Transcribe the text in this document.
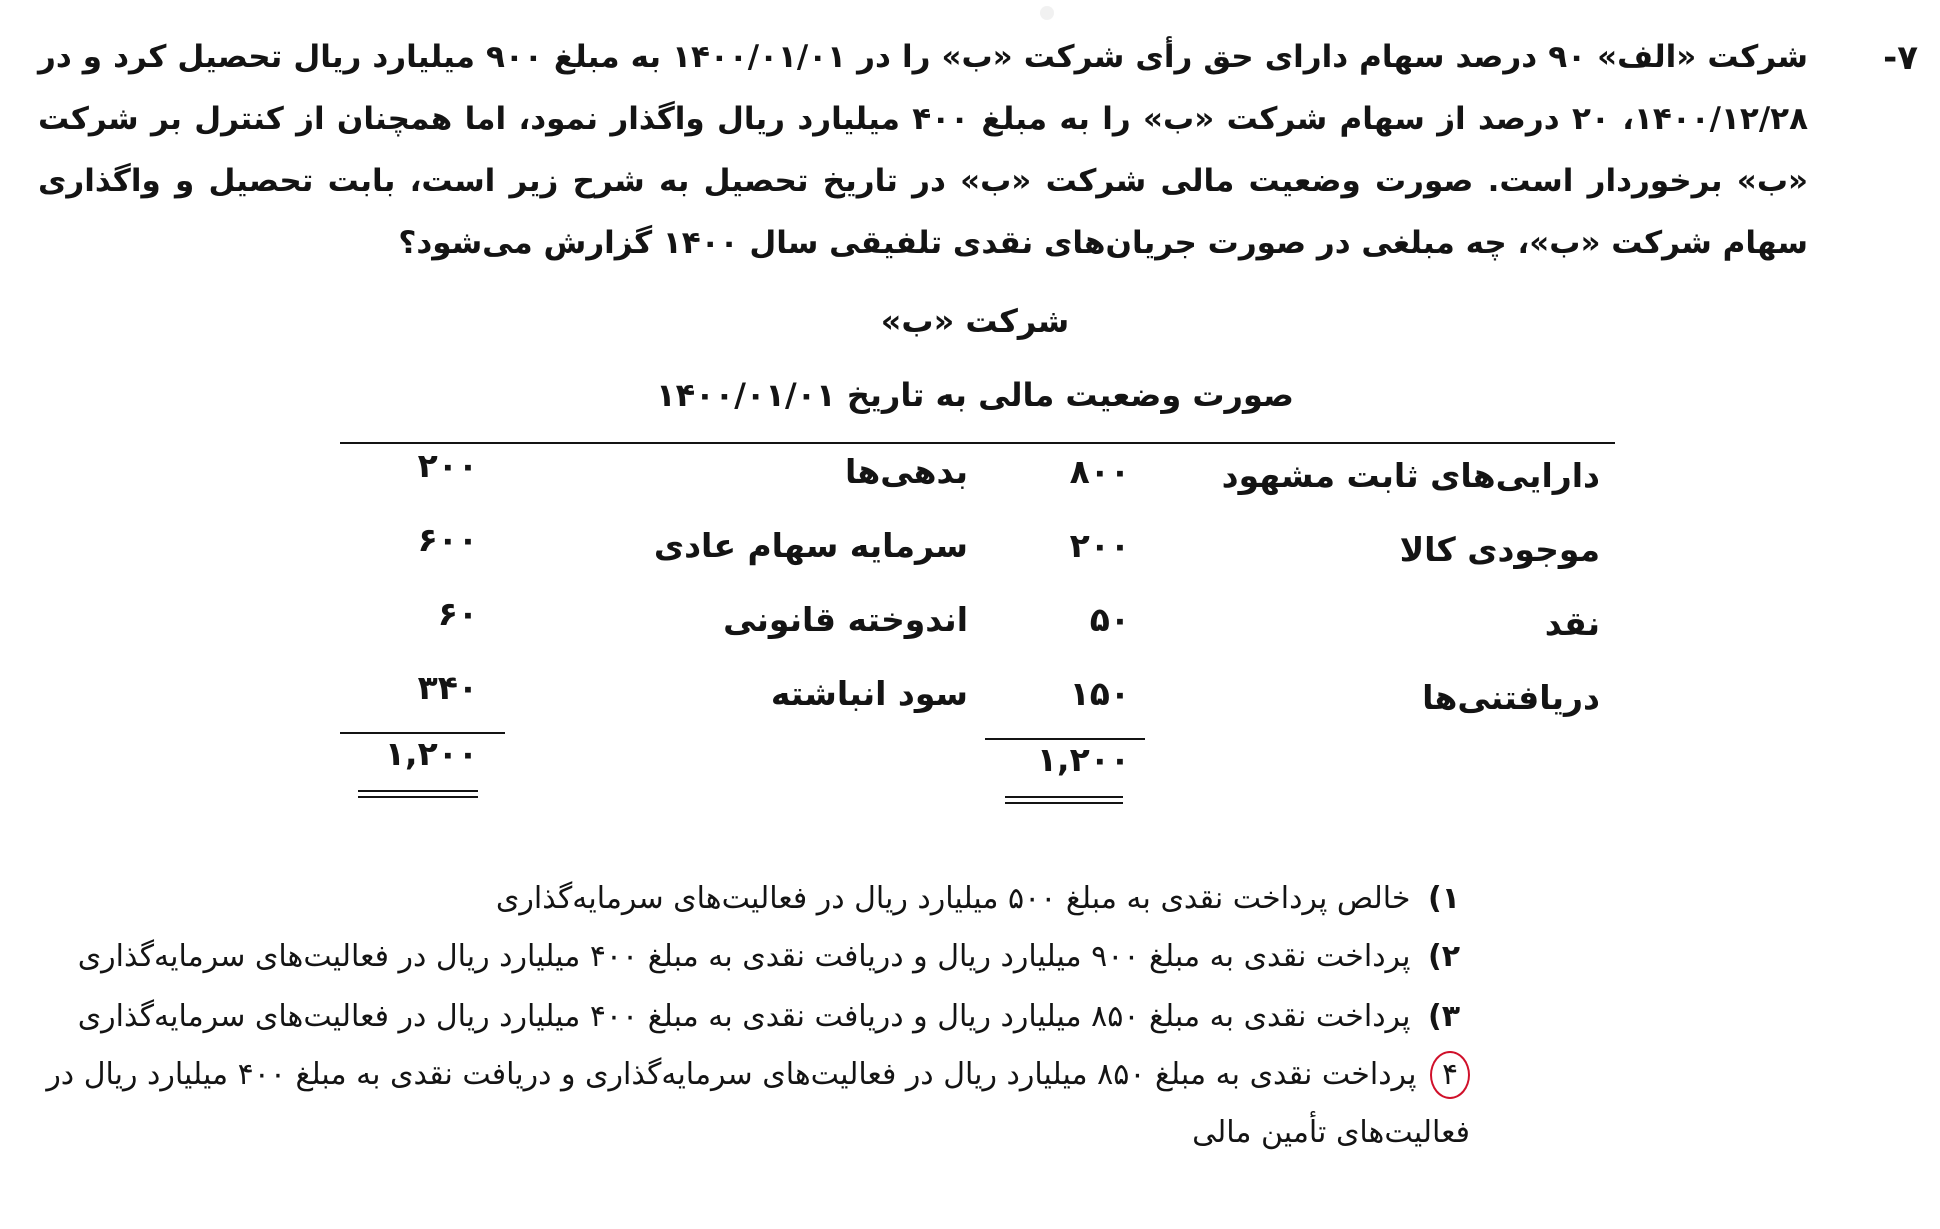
۷-
شرکت «الف» ۹۰ درصد سهام دارای حق رأی شرکت «ب» را در ۱۴۰۰/۰۱/۰۱ به مبلغ ۹۰۰ میلیارد ریال تحصیل کرد و در ۱۴۰۰/۱۲/۲۸، ۲۰ درصد از سهام شرکت «ب» را به مبلغ ۴۰۰ میلیارد ریال واگذار نمود، اما همچنان از کنترل بر شرکت «ب» برخوردار است. صورت وضعیت مالی شرکت «ب» در تاریخ تحصیل به شرح زیر است، بابت تحصیل و واگذاری سهام شرکت «ب»، چه مبلغی در صورت جریان‌های نقدی تلفیقی سال ۱۴۰۰ گزارش می‌شود؟
شرکت «ب»
صورت وضعیت مالی به تاریخ ۱۴۰۰/۰۱/۰۱
دارایی‌های ثابت مشهود
۸۰۰
موجودی کالا
۲۰۰
نقد
۵۰
دریافتنی‌ها
۱۵۰
بدهی‌ها
۲۰۰
سرمایه سهام عادی
۶۰۰
اندوخته قانونی
۶۰
سود انباشته
۳۴۰
۱,۲۰۰
۱,۲۰۰
۱) خالص پرداخت نقدی به مبلغ ۵۰۰ میلیارد ریال در فعالیت‌های سرمایه‌گذاری
۲) پرداخت نقدی به مبلغ ۹۰۰ میلیارد ریال و دریافت نقدی به مبلغ ۴۰۰ میلیارد ریال در فعالیت‌های سرمایه‌گذاری
۳) پرداخت نقدی به مبلغ ۸۵۰ میلیارد ریال و دریافت نقدی به مبلغ ۴۰۰ میلیارد ریال در فعالیت‌های سرمایه‌گذاری
۴ پرداخت نقدی به مبلغ ۸۵۰ میلیارد ریال در فعالیت‌های سرمایه‌گذاری و دریافت نقدی به مبلغ ۴۰۰ میلیارد ریال در فعالیت‌های تأمین مالی
